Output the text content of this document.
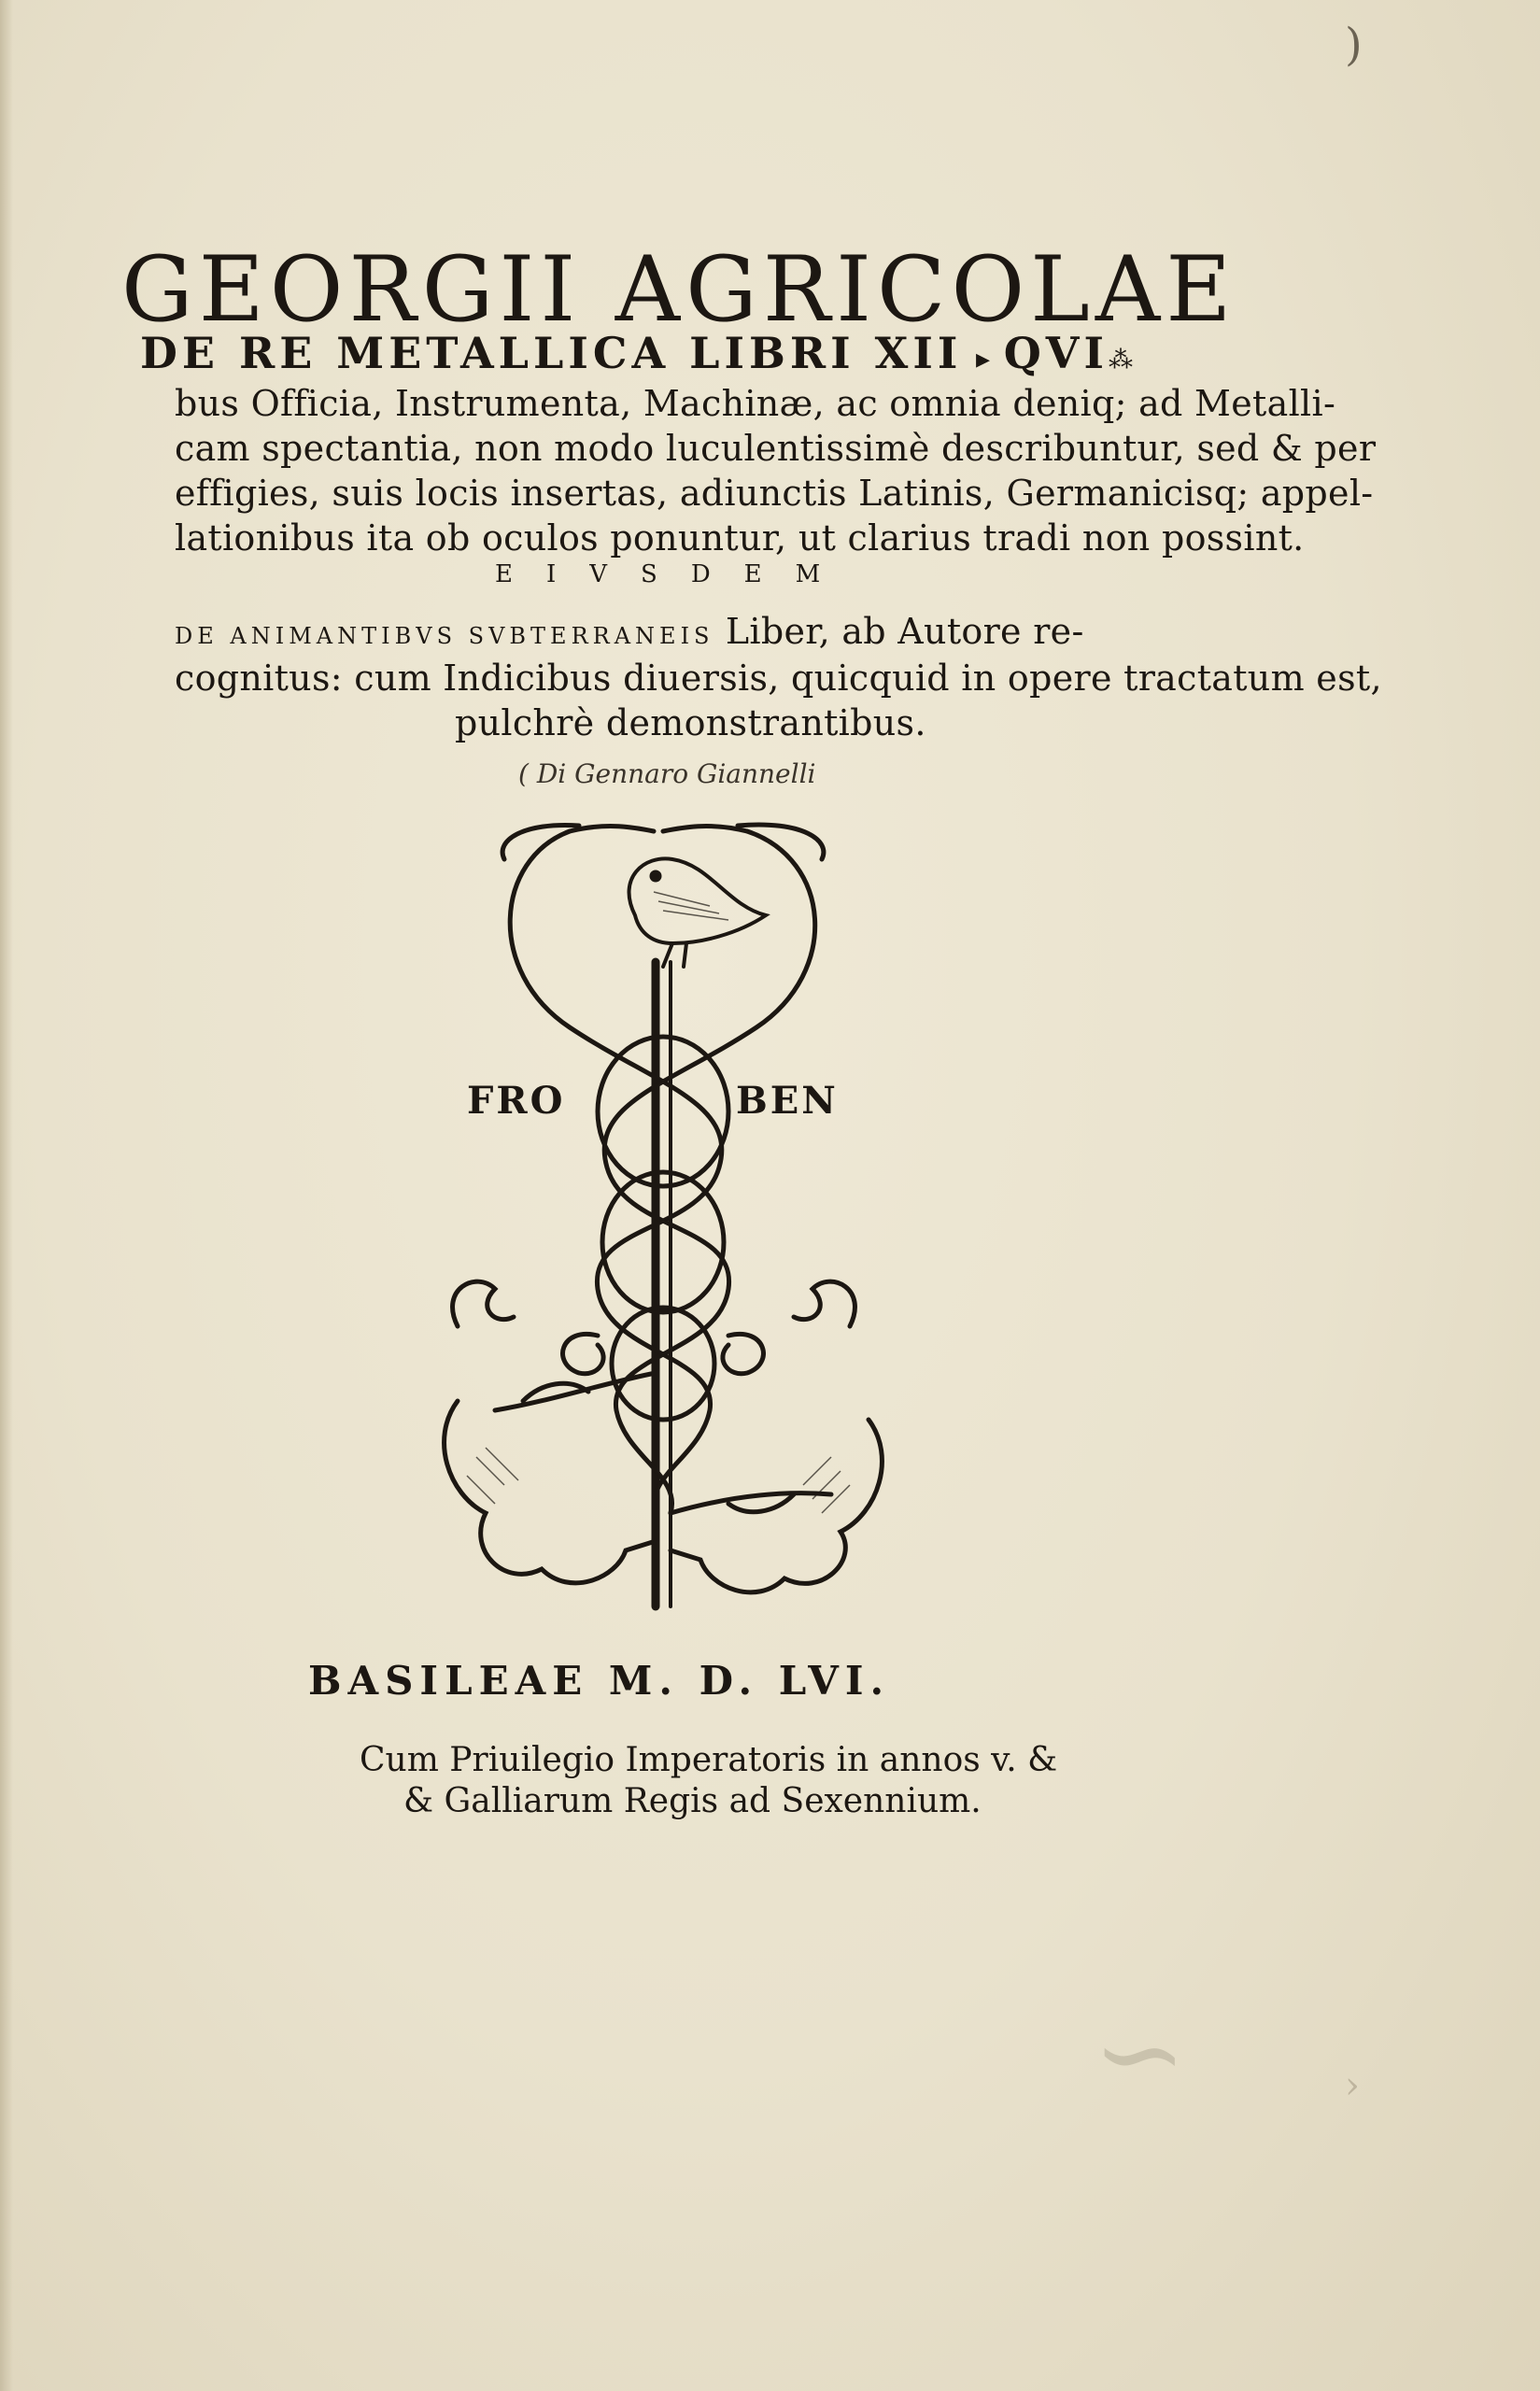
GEORGII AGRICOLAE
DE RE METALLICA LIBRI XII ▸ QVI⁂
bus Officia, Instrumenta, Machinæ, ac omnia deniq; ad Metalli-
cam spectantia, non modo luculentissimè describuntur, sed & per
effigies, suis locis insertas, adiunctis Latinis, Germanicisq; appel-
lationibus ita ob oculos ponuntur, ut clarius tradi non possint.
EIVSDEM
DE ANIMANTIBVS SVBTERRANEIS Liber, ab Autore re-
cognitus: cum Indicibus diuersis, quicquid in opere tractatum est,
pulchrè demonstrantibus.
( Di Gennaro Giannelli
FRO	BEN
BASILEAE M. D. LVI.
Cum Priuilegio Imperatoris in annos v. &
& Galliarum Regis ad Sexennium.
‏)
∽	›
